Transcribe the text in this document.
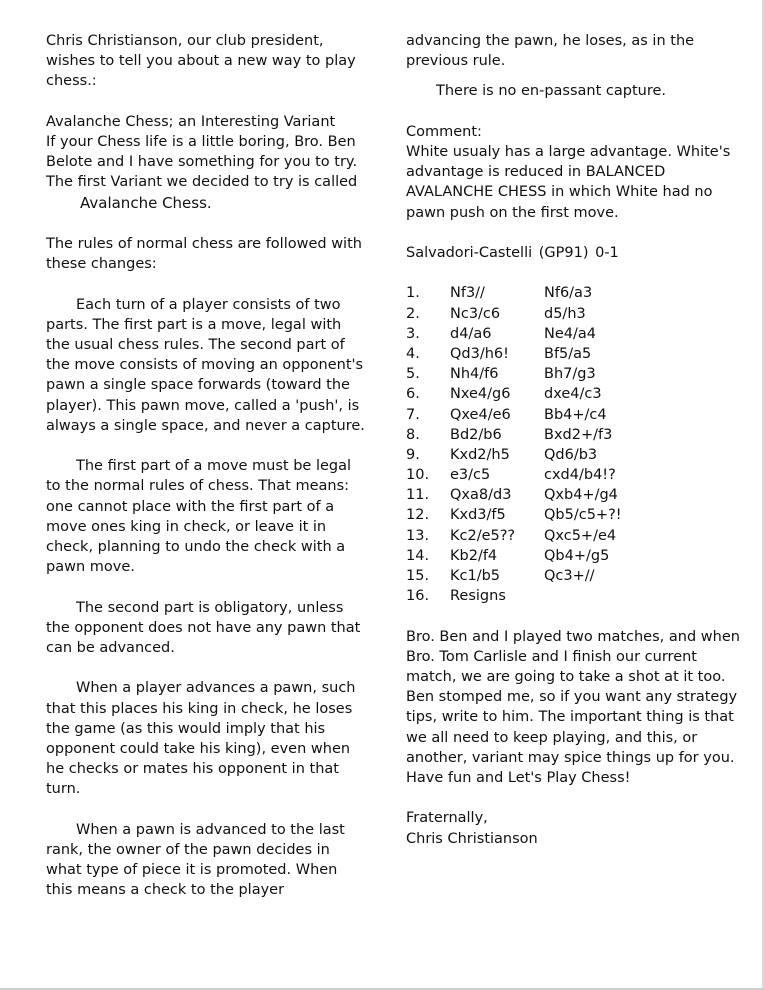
Chris Christianson, our club president, wishes to tell you about a new way to play chess.:

Avalanche Chess; an Interesting Variant

If your Chess life is a little boring, Bro. Ben Belote and I have something for you to try.

The first Variant we decided to try is calledAvalanche Chess.

The rules of normal chess are followed with these changes:

Each turn of a player consists of two parts. The first part is a move, legal with the usual chess rules. The second part of the move consists of moving an opponent's pawn a single space forwards (toward the player). This pawn move, called a 'push', is always a single space, and never a capture.

The first part of a move must be legal to the normal rules of chess. That means: one cannot place with the first part of a move ones king in check, or leave it in check, planning to undo the check with a pawn move.

The second part is obligatory, unless the opponent does not have any pawn that can be advanced.

When a player advances a pawn, such that this places his king in check, he loses the game (as this would imply that his opponent could take his king), even when he checks or mates his opponent in that turn.

When a pawn is advanced to the last rank, the owner of the pawn decides in what type of piece it is promoted. When this means a check to the player

advancing the pawn, he loses, as in the previous rule.

There is no en-passant capture.

Comment:

White usualy has a large advantage. White's advantage is reduced in BALANCED AVALANCHE CHESS in which White had no pawn push on the first move.

Salvadori-Castelli (GP91) 0-1

1.	Nf3//	Nf6/a3
2.	Nc3/c6	d5/h3
3.	d4/a6	Ne4/a4
4.	Qd3/h6!	Bf5/a5
5.	Nh4/f6	Bh7/g3
6.	Nxe4/g6	dxe4/c3
7.	Qxe4/e6	Bb4+/c4
8.	Bd2/b6	Bxd2+/f3
9.	Kxd2/h5	Qd6/b3
10.	e3/c5	cxd4/b4!?
11.	Qxa8/d3	Qxb4+/g4
12.	Kxd3/f5	Qb5/c5+?!
13.	Kc2/e5??	Qxc5+/e4
14.	Kb2/f4	Qb4+/g5
15.	Kc1/b5	Qc3+//
16.	Resigns

Bro. Ben and I played two matches, and when Bro. Tom Carlisle and I finish our current match, we are going to take a shot at it too. Ben stomped me, so if you want any strategy tips, write to him. The important thing is that we all need to keep playing, and this, or another, variant may spice things up for you.

Have fun and Let's Play Chess!

Fraternally,

Chris Christianson
